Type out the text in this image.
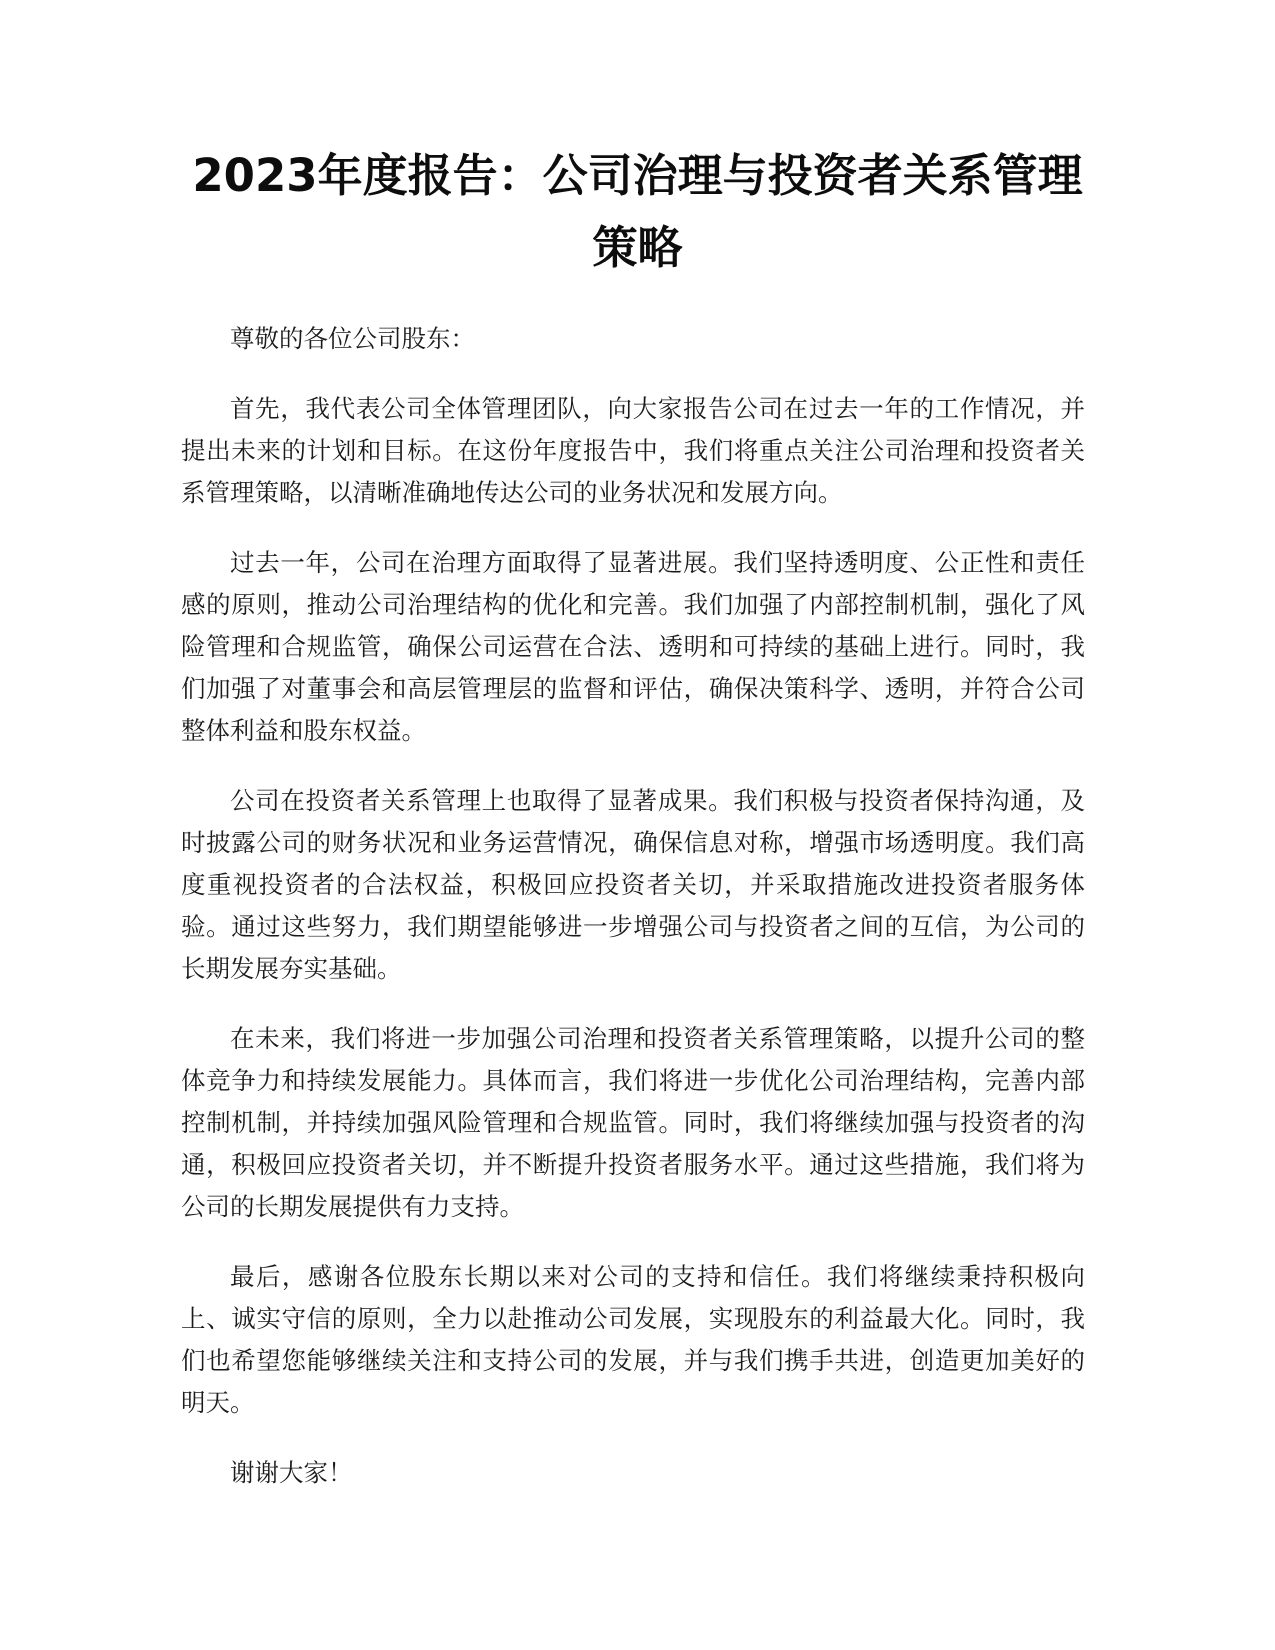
2023年度报告：公司治理与投资者关系管理策略

尊敬的各位公司股东：

首先，我代表公司全体管理团队，向大家报告公司在过去一年的工作情况，并提出未来的计划和目标。在这份年度报告中，我们将重点关注公司治理和投资者关系管理策略，以清晰准确地传达公司的业务状况和发展方向。

过去一年，公司在治理方面取得了显著进展。我们坚持透明度、公正性和责任感的原则，推动公司治理结构的优化和完善。我们加强了内部控制机制，强化了风险管理和合规监管，确保公司运营在合法、透明和可持续的基础上进行。同时，我们加强了对董事会和高层管理层的监督和评估，确保决策科学、透明，并符合公司整体利益和股东权益。

公司在投资者关系管理上也取得了显著成果。我们积极与投资者保持沟通，及时披露公司的财务状况和业务运营情况，确保信息对称，增强市场透明度。我们高度重视投资者的合法权益，积极回应投资者关切，并采取措施改进投资者服务体验。通过这些努力，我们期望能够进一步增强公司与投资者之间的互信，为公司的长期发展夯实基础。

在未来，我们将进一步加强公司治理和投资者关系管理策略，以提升公司的整体竞争力和持续发展能力。具体而言，我们将进一步优化公司治理结构，完善内部控制机制，并持续加强风险管理和合规监管。同时，我们将继续加强与投资者的沟通，积极回应投资者关切，并不断提升投资者服务水平。通过这些措施，我们将为公司的长期发展提供有力支持。

最后，感谢各位股东长期以来对公司的支持和信任。我们将继续秉持积极向上、诚实守信的原则，全力以赴推动公司发展，实现股东的利益最大化。同时，我们也希望您能够继续关注和支持公司的发展，并与我们携手共进，创造更加美好的明天。

谢谢大家！
